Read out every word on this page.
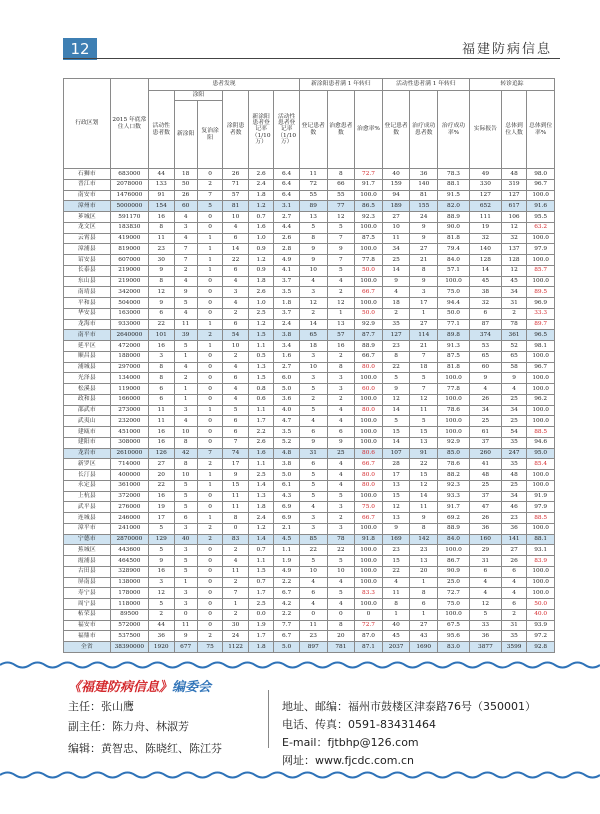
12	福建防病信息
行政区划	2015 年底常住人口数	患者发现						新涂阳患者满 1 年转归			活动性患者满 1 年转归			转诊追踪		
		活动性患者数	涂阳		涂阴患者数	新涂阳患者登记率（1/10万）	活动性患者登记率（1/10万）	登记患者数	治愈患者数	治愈率%	登记患者数	治疗成功患者数	治疗成功率%	实际报告	总体到位人数	总体到位率%
			新涂阳	复治涂阳												
石狮市	683000	44	18	0	26	2.6	6.4	11	8	72.7	40	36	78.3	49	48	98.0
晋江市	2078000	133	50	2	71	2.4	6.4	72	66	91.7	159	140	88.1	330	319	96.7
南安市	1476000	91	26	7	57	1.8	6.4	55	55	100.0	94	81	91.5	127	127	100.0
漳州市	5000000	154	60	5	81	1.2	3.1	89	77	86.5	189	155	82.0	652	617	91.6
芗城区	591170	16	4	0	10	0.7	2.7	13	12	92.3	27	24	88.9	111	106	95.5
龙文区	183830	8	3	0	4	1.6	4.4	5	5	100.0	10	9	90.0	19	12	63.2
云霄县	419000	11	4	1	6	1.0	2.6	8	7	87.5	11	9	81.8	32	32	100.0
漳浦县	819000	23	7	1	14	0.9	2.8	9	9	100.0	34	27	79.4	140	137	97.9
诏安县	607000	30	7	1	22	1.2	4.9	9	7	77.8	25	21	84.0	128	128	100.0
长泰县	219000	9	2	1	6	0.9	4.1	10	5	50.0	14	8	57.1	14	12	85.7
东山县	219000	8	4	0	4	1.8	3.7	4	4	100.0	9	9	100.0	45	45	100.0
南靖县	342000	12	9	0	3	2.6	3.5	3	2	66.7	4	3	75.0	38	34	89.5
平和县	504000	9	5	0	4	1.0	1.8	12	12	100.0	18	17	94.4	32	31	96.9
华安县	163000	6	4	0	2	2.5	3.7	2	1	50.0	2	1	50.0	6	2	33.3
龙海市	933000	22	11	1	6	1.2	2.4	14	13	92.9	35	27	77.1	87	78	89.7
南平市	2640000	101	39	2	54	1.5	3.8	65	57	87.7	127	114	89.8	374	361	96.5
延平区	472000	16	5	1	10	1.1	3.4	18	16	88.9	23	21	91.3	53	52	98.1
顺昌县	188000	3	1	0	2	0.5	1.6	3	2	66.7	8	7	87.5	65	65	100.0
浦城县	297000	8	4	0	4	1.3	2.7	10	8	80.0	22	18	81.8	60	58	96.7
光泽县	134000	8	2	0	6	1.5	6.0	3	3	100.0	5	5	100.0	9	9	100.0
松溪县	119000	6	1	0	4	0.8	5.0	5	3	60.0	9	7	77.8	4	4	100.0
政和县	166000	6	1	0	4	0.6	3.6	2	2	100.0	12	12	100.0	26	25	96.2
邵武市	273000	11	3	1	5	1.1	4.0	5	4	80.0	14	11	78.6	34	34	100.0
武夷山	232000	11	4	0	6	1.7	4.7	4	4	100.0	5	5	100.0	25	25	100.0
建瓯市	451000	16	10	0	6	2.2	3.5	6	6	100.0	15	15	100.0	61	54	88.5
建阳市	308000	16	8	0	7	2.6	5.2	9	9	100.0	14	13	92.9	37	35	94.6
龙岩市	2610000	126	42	7	74	1.6	4.8	31	25	80.6	107	91	85.0	260	247	95.0
新罗区	714000	27	8	2	17	1.1	3.8	6	4	66.7	28	22	78.6	41	35	85.4
长汀县	400000	20	10	1	9	2.5	5.0	5	4	80.0	17	15	88.2	48	48	100.0
永定县	361000	22	5	1	15	1.4	6.1	5	4	80.0	13	12	92.3	25	25	100.0
上杭县	372000	16	5	0	11	1.3	4.3	5	5	100.0	15	14	93.3	37	34	91.9
武平县	276000	19	5	0	11	1.8	6.9	4	3	75.0	12	11	91.7	47	46	97.9
连城县	246000	17	6	1	8	2.4	6.9	3	2	66.7	13	9	69.2	26	23	88.5
漳平市	241000	5	3	2	0	1.2	2.1	3	3	100.0	9	8	88.9	36	36	100.0
宁德市	2870000	129	40	2	83	1.4	4.5	85	78	91.8	169	142	84.0	160	141	88.1
蕉城区	443600	5	3	0	2	0.7	1.1	22	22	100.0	23	23	100.0	29	27	93.1
霞浦县	464500	9	5	0	4	1.1	1.9	5	5	100.0	15	13	86.7	31	26	83.9
古田县	328900	16	5	0	11	1.5	4.9	10	10	100.0	22	20	90.9	6	6	100.0
屏南县	138000	3	1	0	2	0.7	2.2	4	4	100.0	4	1	25.0	4	4	100.0
寿宁县	178000	12	3	0	7	1.7	6.7	6	5	83.3	11	8	72.7	4	4	100.0
周宁县	118000	5	3	0	1	2.5	4.2	4	4	100.0	8	6	75.0	12	6	50.0
柘荣县	89500	2	0	0	2	0.0	2.2	0	0	0	1	1	100.0	5	2	40.0
福安市	572000	44	11	0	30	1.9	7.7	11	8	72.7	40	27	67.5	33	31	93.9
福鼎市	537500	36	9	2	24	1.7	6.7	23	20	87.0	45	43	95.6	36	35	97.2
全省	38390000	1920	677	75	1122	1.8	5.0	897	781	87.1	2037	1690	83.0	3877	3599	92.8
《福建防病信息》编委会
主任：张山鹰
副主任：陈力舟、林淑芳
编辑：黄智忠、陈晓红、陈江芬
地址、邮编：福州市鼓楼区津泰路76号（350001）
电话、传真：0591-83431464
E-mail：fjtbhp@126.com
网址：www.fjcdc.com.cn
